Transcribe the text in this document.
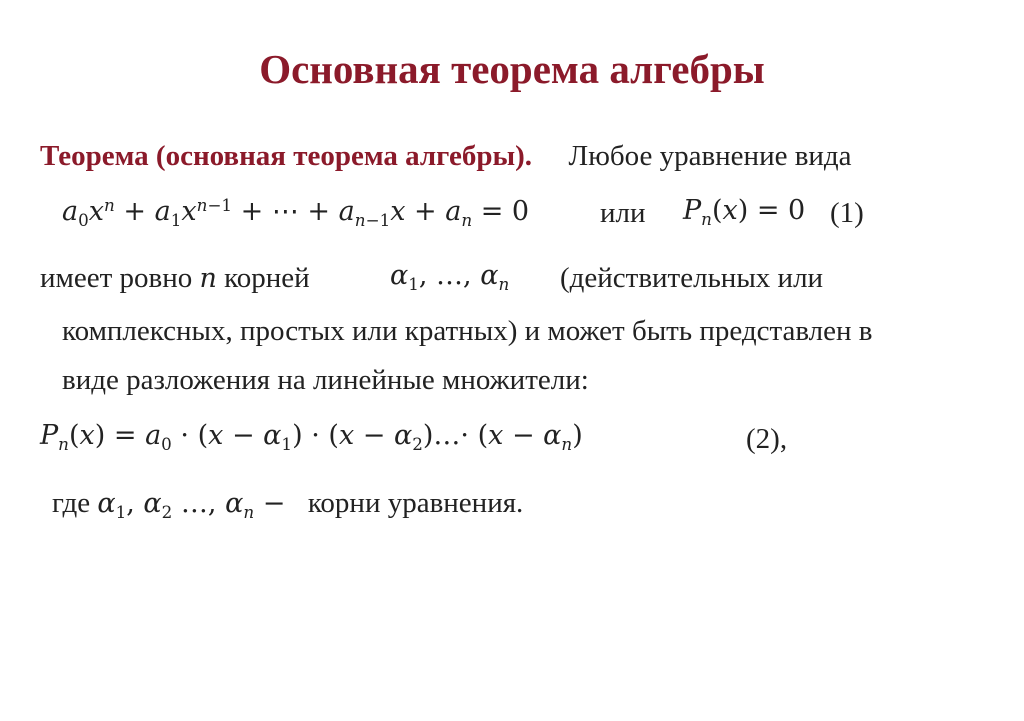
Основная теорема алгебры
Теорема (основная теорема алгебры). Любое уравнение вида
$a_0x^n + a_1x^{n-1}$ + ⋯ + $a_{n-1}x + a_n = 0$ или $P_n(x) = 0$ (1)
имеет ровно n корней	$\alpha_1$, …, $\alpha_n$ (действительных или
комплексных, простых или кратных) и может быть представлен в
виде разложения на линейные множители:
$P_n(x) = a_0 \cdot (x - \alpha_1) \cdot (x$ − $\alpha_2)\dots\cdot (x - \alpha_n)$	(2),
где $\alpha_1$, $\alpha_2$ …, $\alpha_n$ − корни уравнения.
